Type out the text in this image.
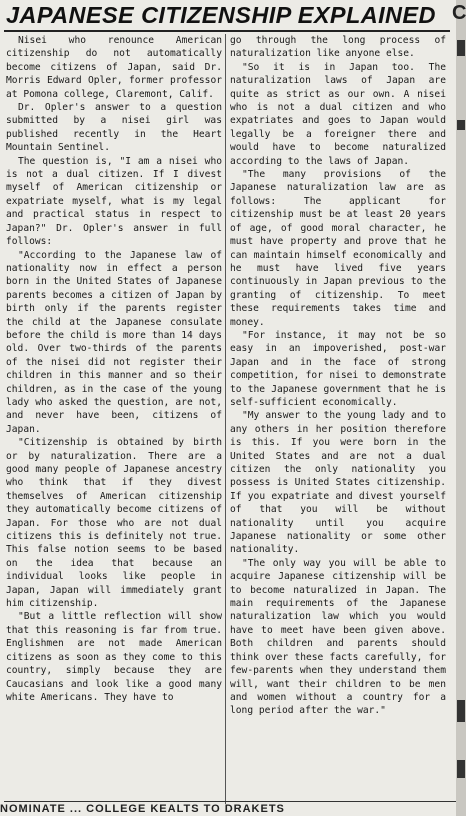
JAPANESE CITIZENSHIP EXPLAINED

Nisei who renounce American citizenship do not automatically become citizens of Japan, said Dr. Morris Edward Opler, former professor at Pomona college, Claremont, Calif.

Dr. Opler's answer to a question submitted by a nisei girl was published recently in the Heart Mountain Sentinel.

The question is, "I am a nisei who is not a dual citizen. If I divest myself of American citizenship or expatriate myself, what is my legal and practical status in respect to Japan?" Dr. Opler's answer in full follows:

"According to the Japanese law of nationality now in effect a person born in the United States of Japanese parents becomes a citizen of Japan by birth only if the parents register the child at the Japanese consulate before the child is more than 14 days old. Over two-thirds of the parents of the nisei did not register their children in this manner and so their children, as in the case of the young lady who asked the question, are not, and never have been, citizens of Japan.

"Citizenship is obtained by birth or by naturalization. There are a good many people of Japanese ancestry who think that if they divest themselves of American citizenship they automatically become citizens of Japan. For those who are not dual citizens this is definitely not true. This false notion seems to be based on the idea that because an individual looks like people in Japan, Japan will immediately grant him citizenship.

"But a little reflection will show that this reasoning is far from true. Englishmen are not made American citizens as soon as they come to this country, simply because they are Caucasians and look like a good many white Americans. They have to

go through the long process of naturalization like anyone else.

"So it is in Japan too. The naturalization laws of Japan are quite as strict as our own. A nisei who is not a dual citizen and who expatriates and goes to Japan would legally be a foreigner there and would have to become naturalized according to the laws of Japan.

"The many provisions of the Japanese naturalization law are as follows: The applicant for citizenship must be at least 20 years of age, of good moral character, he must have property and prove that he can maintain himself economically and he must have lived five years continuously in Japan previous to the granting of citizenship. To meet these requirements takes time and money.

"For instance, it may not be so easy in an impoverished, post-war Japan and in the face of strong competition, for nisei to demonstrate to the Japanese government that he is self-sufficient economically.

"My answer to the young lady and to any others in her position therefore is this. If you were born in the United States and are not a dual citizen the only nationality you possess is United States citizenship. If you expatriate and divest yourself of that you will be without nationality until you acquire Japanese nationality or some other nationality.

"The only way you will be able to acquire Japanese citizenship will be to become naturalized in Japan. The main requirements of the Japanese naturalization law which you would have to meet have been given above. Both children and parents should think over these facts carefully, for few-parents when they understand them will, want their children to be men and women without a country for a long period after the war."

C
NOMINATE ... COLLEGE KEALTS TO DRAKETS
